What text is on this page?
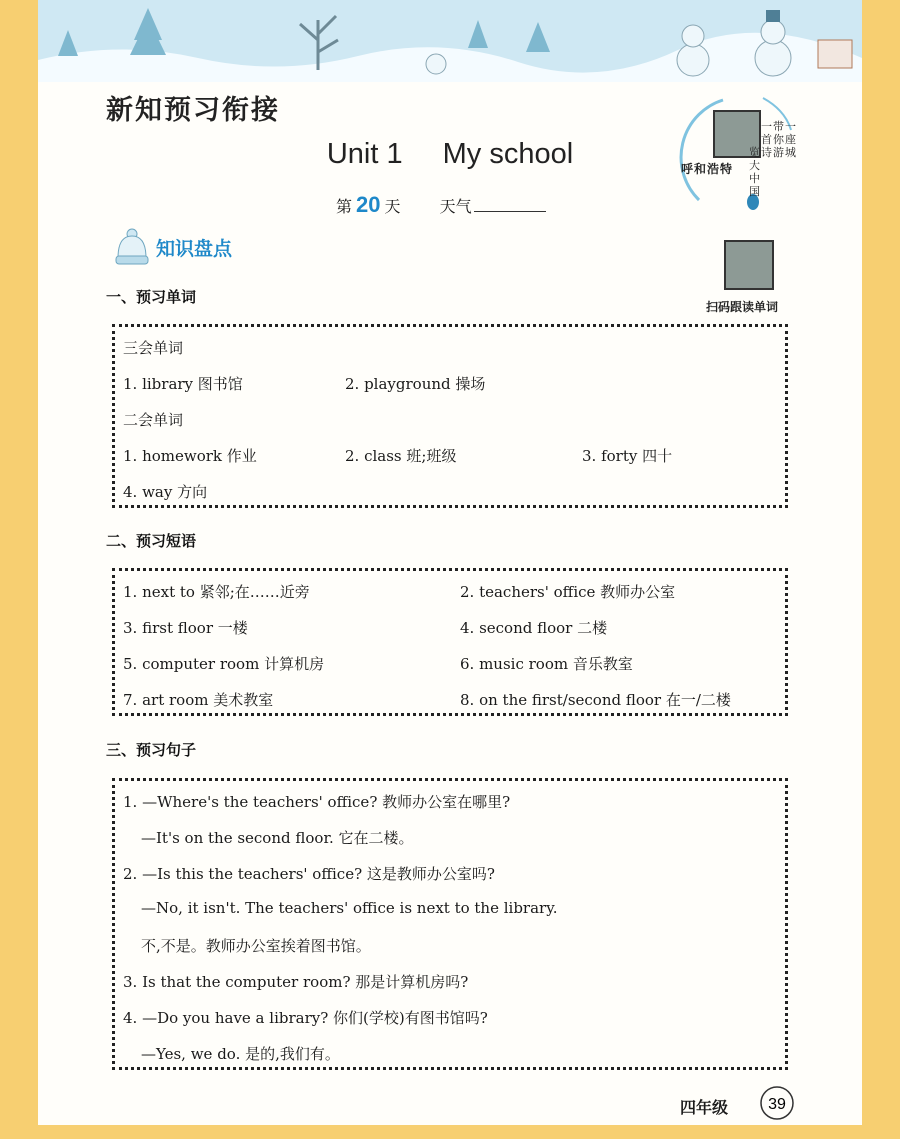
新知预习衔接
Unit 1 My school
第 20 天 天气
呼和浩特
一首诗
带你游
一座城
览大中国
扫码跟读单词
知识盘点
一、预习单词
三会单词
1. library 图书馆	2. playground 操场
二会单词
1. homework 作业	2. class 班;班级	3. forty 四十
4. way 方向
二、预习短语
1. next to 紧邻;在……近旁	2. teachers' office 教师办公室
3. first floor 一楼	4. second floor 二楼
5. computer room 计算机房	6. music room 音乐教室
7. art room 美术教室	8. on the first/second floor 在一/二楼
三、预习句子
1. —Where's the teachers' office? 教师办公室在哪里?
—It's on the second floor. 它在二楼。
2. —Is this the teachers' office? 这是教师办公室吗?
—No, it isn't. The teachers' office is next to the library.
不,不是。教师办公室挨着图书馆。
3. Is that the computer room? 那是计算机房吗?
4. —Do you have a library? 你们(学校)有图书馆吗?
—Yes, we do. 是的,我们有。
四年级	39
